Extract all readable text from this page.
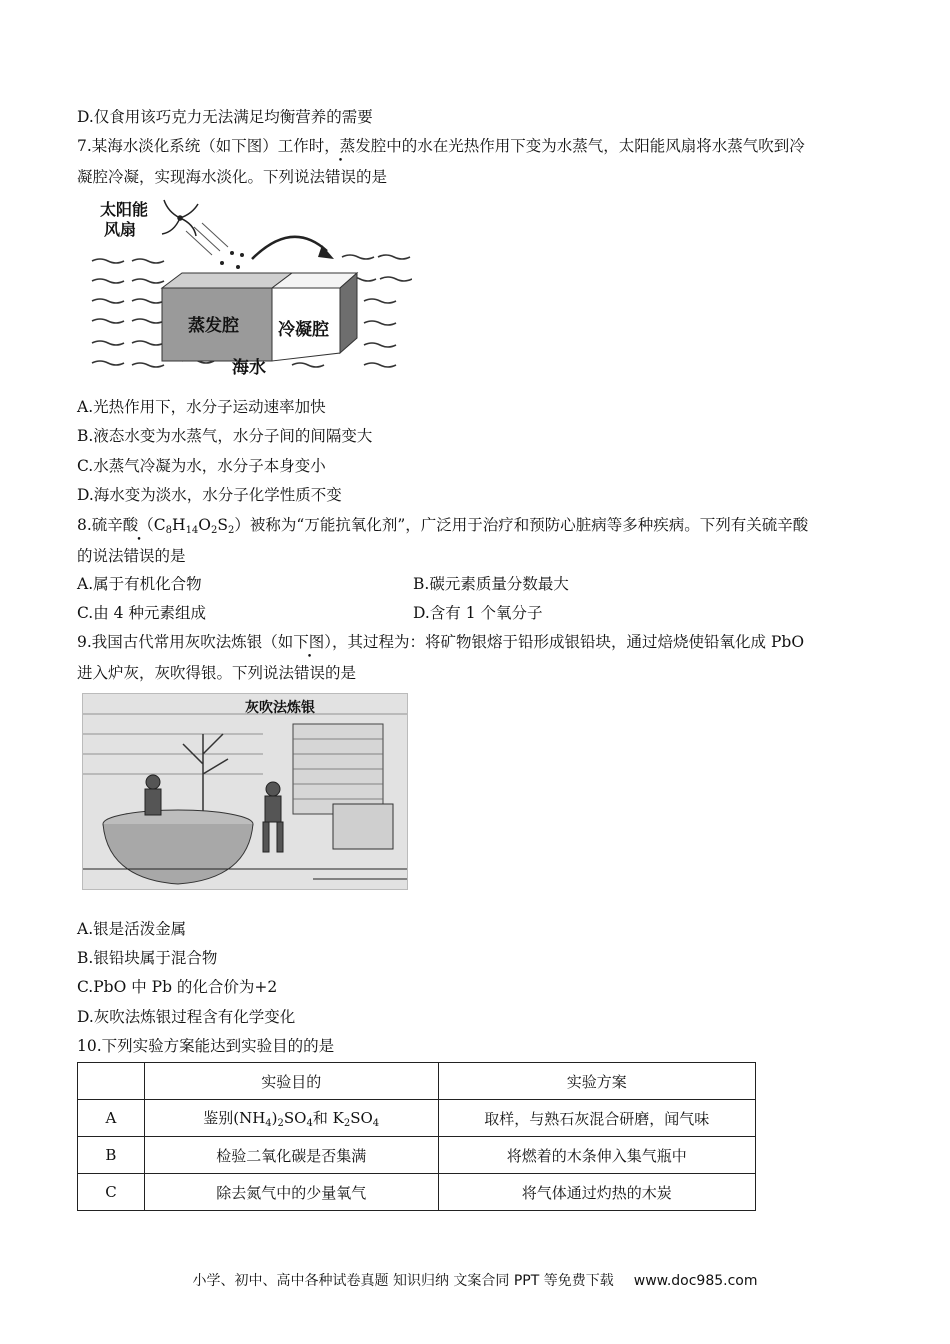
D.仅食用该巧克力无法满足均衡营养的需要
7.某海水淡化系统（如下图）工作时，蒸发腔中的水在光热作用下变为水蒸气，太阳能风扇将水蒸气吹到冷
凝腔冷凝，实现海水淡化。下列说法错误的是
太阳能
风扇
蒸发腔 冷凝腔
海水
A.光热作用下，水分子运动速率加快
B.液态水变为水蒸气，水分子间的间隔变大
C.水蒸气冷凝为水，水分子本身变小
D.海水变为淡水，水分子化学性质不变
8.硫辛酸$(C_8H_{14}O_2S_2)$被称为“万能抗氧化剂”，广泛用于治疗和预防心脏病等多种疾病。下列有关硫辛酸
的说法错误的是
A.属于有机化合物	B.碳元素质量分数最大
C.由 4 种元素组成	D.含有 1 个氧分子
9.我国古代常用灰吹法炼银（如下图），其过程为：将矿物银熔于铅形成银铅块，通过焙烧使铅氧化成 PbO
进入炉灰，灰吹得银。下列说法错误的是
灰吹法炼银
A.银是活泼金属
B.银铅块属于混合物
C.PbO 中 Pb 的化合价为+2
D.灰吹法炼银过程含有化学变化
10.下列实验方案能达到实验目的的是
	实验目的	实验方案
A	鉴别$(NH_4)_2SO_4$和 $K_2SO_4$	取样，与熟石灰混合研磨，闻气味
B	检验二氧化碳是否集满	将燃着的木条伸入集气瓶中
C	除去氮气中的少量氧气	将气体通过灼热的木炭
小学、初中、高中各种试卷真题 知识归纳 文案合同 PPT 等免费下载 www.doc985.com
